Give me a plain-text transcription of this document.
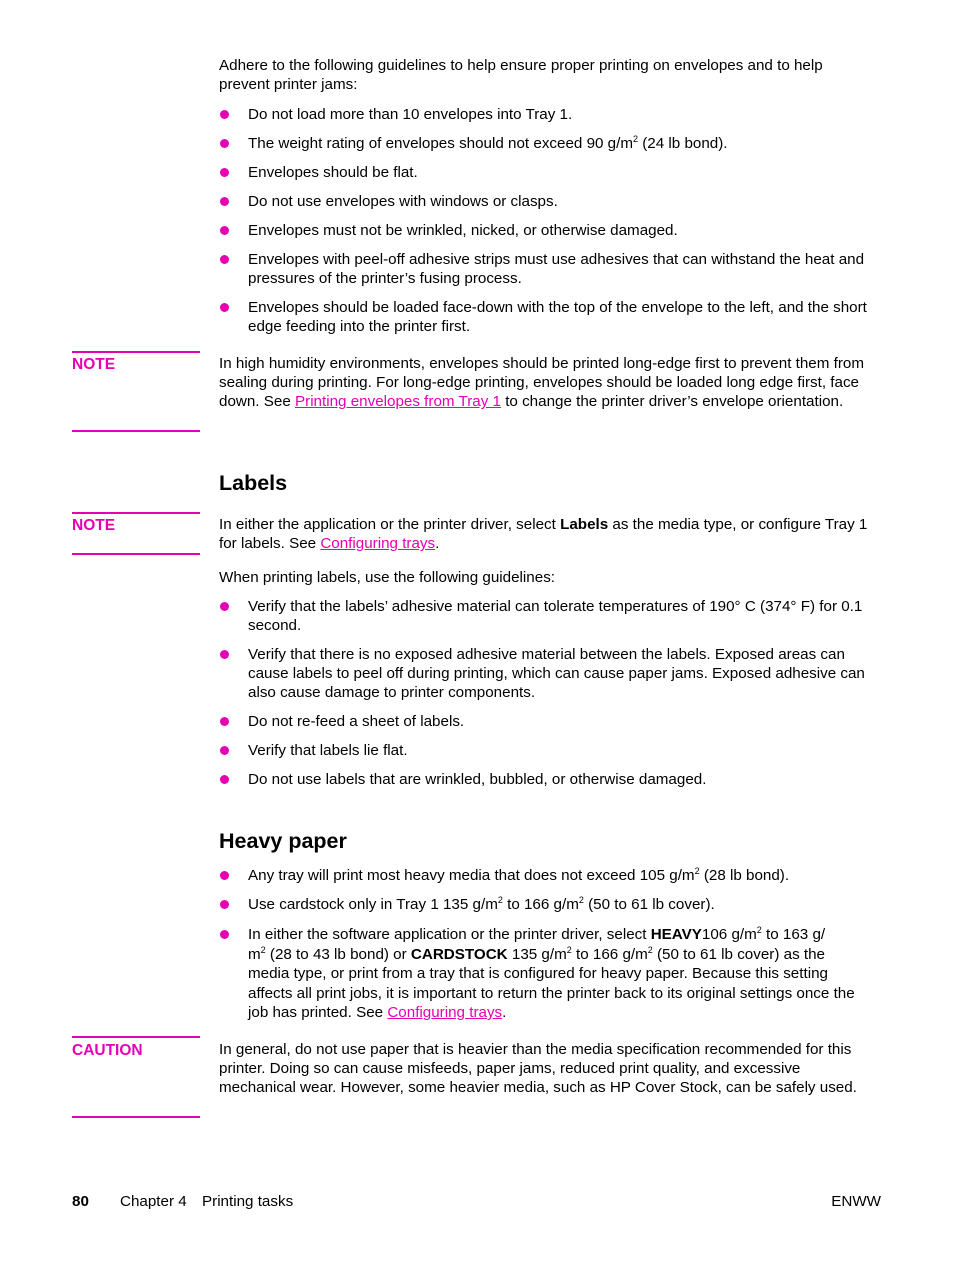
Adhere to the following guidelines to help ensure proper printing on envelopes and to help prevent printer jams:
Do not load more than 10 envelopes into Tray 1.
The weight rating of envelopes should not exceed 90 $g/m^2$ (24 lb bond).
Envelopes should be flat.
Do not use envelopes with windows or clasps.
Envelopes must not be wrinkled, nicked, or otherwise damaged.
Envelopes with peel-off adhesive strips must use adhesives that can withstand the heat and pressures of the printer’s fusing process.
Envelopes should be loaded face-down with the top of the envelope to the left, and the short edge feeding into the printer first.
NOTE	In high humidity environments, envelopes should be printed long-edge first to prevent them from sealing during printing. For long-edge printing, envelopes should be loaded long edge first, face down. See Printing envelopes from Tray 1 to change the printer driver’s envelope orientation.
Labels
NOTE	In either the application or the printer driver, select Labels as the media type, or configure Tray 1 for labels. See Configuring trays.
When printing labels, use the following guidelines:
Verify that the labels’ adhesive material can tolerate temperatures of 190° C (374° F) for 0.1 second.
Verify that there is no exposed adhesive material between the labels. Exposed areas can cause labels to peel off during printing, which can cause paper jams. Exposed adhesive can also cause damage to printer components.
Do not re-feed a sheet of labels.
Verify that labels lie flat.
Do not use labels that are wrinkled, bubbled, or otherwise damaged.
Heavy paper
Any tray will print most heavy media that does not exceed 105 $g/m^2$ (28 lb bond).
Use cardstock only in Tray 1 135 $g/m^2$ to 166 $g/m^2$ (50 to 61 lb cover).
In either the software application or the printer driver, select HEAVY106 $g/m^2$ to 163 g/
$m^2$ (28 to 43 lb bond) or CARDSTOCK 135 $g/m^2$ to 166 $g/m^2$ (50 to 61 lb cover) as the media type, or print from a tray that is configured for heavy paper. Because this setting affects all print jobs, it is important to return the printer back to its original settings once the job has printed. See Configuring trays.
CAUTION	In general, do not use paper that is heavier than the media specification recommended for this printer. Doing so can cause misfeeds, paper jams, reduced print quality, and excessive mechanical wear. However, some heavier media, such as HP Cover Stock, can be safely used.
80 Chapter 4 Printing tasks	ENWW
